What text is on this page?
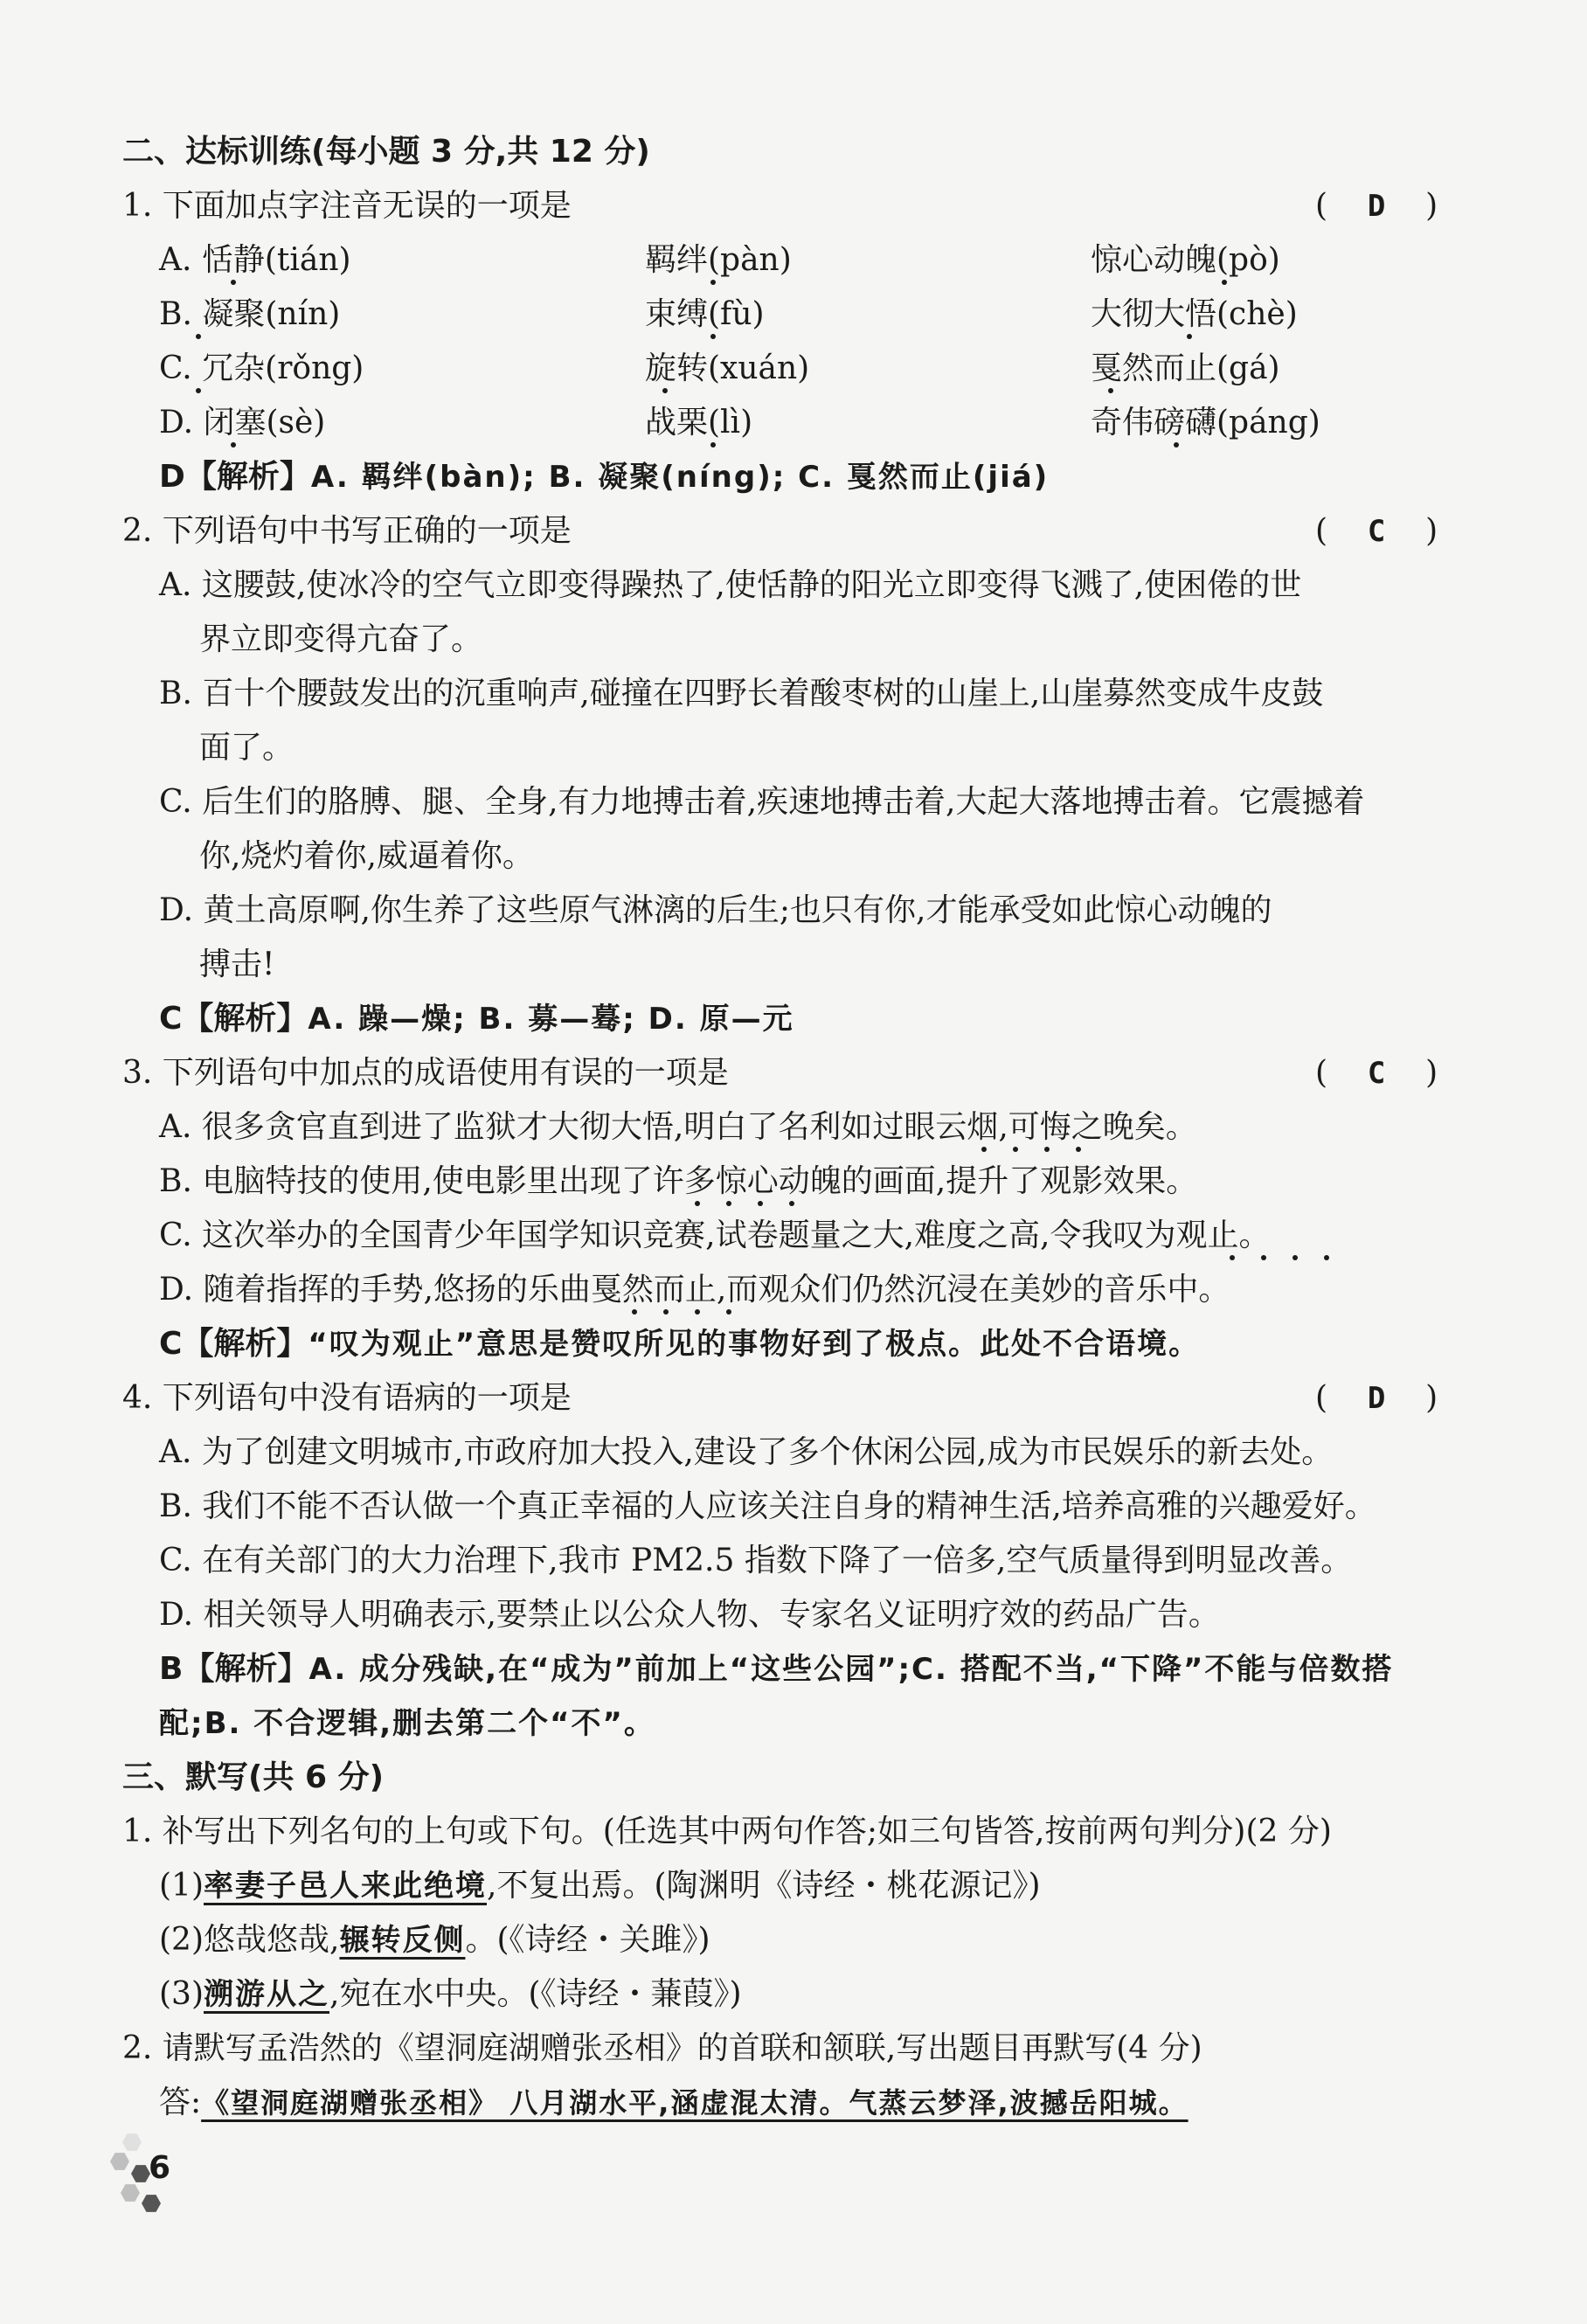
二、达标训练(每小题 3 分,共 12 分)
1. 下面加点字注音无误的一项是	(    D    )
A. 恬静(tián)	羁绊(pàn)	惊心动魄(pò)
B. 凝聚(nín)	束缚(fù)	大彻大悟(chè)
C. 冗杂(rǒng)	旋转(xuán)	戛然而止(gá)
D. 闭塞(sè)	战栗(lì)	奇伟磅礴(páng)
D【解析】A. 羁绊(bàn); B. 凝聚(níng); C. 戛然而止(jiá)
2. 下列语句中书写正确的一项是	(    C    )
A. 这腰鼓,使冰冷的空气立即变得躁热了,使恬静的阳光立即变得飞溅了,使困倦的世
界立即变得亢奋了。
B. 百十个腰鼓发出的沉重响声,碰撞在四野长着酸枣树的山崖上,山崖募然变成牛皮鼓
面了。
C. 后生们的胳膊、腿、全身,有力地搏击着,疾速地搏击着,大起大落地搏击着。它震撼着
你,烧灼着你,威逼着你。
D. 黄土高原啊,你生养了这些原气淋漓的后生;也只有你,才能承受如此惊心动魄的
搏击!
C【解析】A. 躁—燥; B. 募—蓦; D. 原—元
3. 下列语句中加点的成语使用有误的一项是	(    C    )
A. 很多贪官直到进了监狱才大彻大悟,明白了名利如过眼云烟,可悔之晚矣。
B. 电脑特技的使用,使电影里出现了许多惊心动魄的画面,提升了观影效果。
C. 这次举办的全国青少年国学知识竞赛,试卷题量之大,难度之高,令我叹为观止。
D. 随着指挥的手势,悠扬的乐曲戛然而止,而观众们仍然沉浸在美妙的音乐中。
C【解析】“叹为观止”意思是赞叹所见的事物好到了极点。此处不合语境。
4. 下列语句中没有语病的一项是	(    D    )
A. 为了创建文明城市,市政府加大投入,建设了多个休闲公园,成为市民娱乐的新去处。
B. 我们不能不否认做一个真正幸福的人应该关注自身的精神生活,培养高雅的兴趣爱好。
C. 在有关部门的大力治理下,我市 PM2.5 指数下降了一倍多,空气质量得到明显改善。
D. 相关领导人明确表示,要禁止以公众人物、专家名义证明疗效的药品广告。
B【解析】A. 成分残缺,在“成为”前加上“这些公园”;C. 搭配不当,“下降”不能与倍数搭
配;B. 不合逻辑,删去第二个“不”。
三、默写(共 6 分)
1. 补写出下列名句的上句或下句。(任选其中两句作答;如三句皆答,按前两句判分)(2 分)
(1)率妻子邑人来此绝境,不复出焉。(陶渊明《诗经・桃花源记》)
(2)悠哉悠哉,辗转反侧。(《诗经・关雎》)
(3)溯游从之,宛在水中央。(《诗经・蒹葭》)
2. 请默写孟浩然的《望洞庭湖赠张丞相》的首联和颔联,写出题目再默写(4 分)
答:《望洞庭湖赠张丞相》 八月湖水平,涵虚混太清。气蒸云梦泽,波撼岳阳城。
6
